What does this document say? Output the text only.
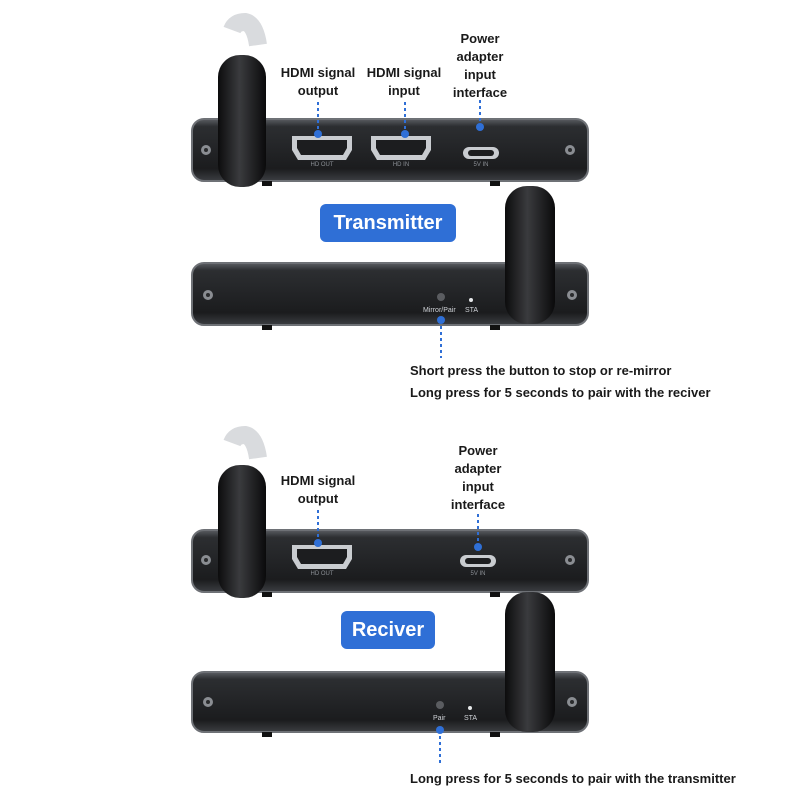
HDMI signal output
HDMI signal input
Power adapter input interface
HD OUT	HD IN	5V IN
Transmitter
Mirror/Pair STA
Short press the button to stop or re-mirror
Long press for 5 seconds to pair with the reciver
HDMI signal output
Power adapter input interface
HD OUT	5V IN
Reciver
Pair	STA
Long press for 5 seconds to pair with the transmitter
